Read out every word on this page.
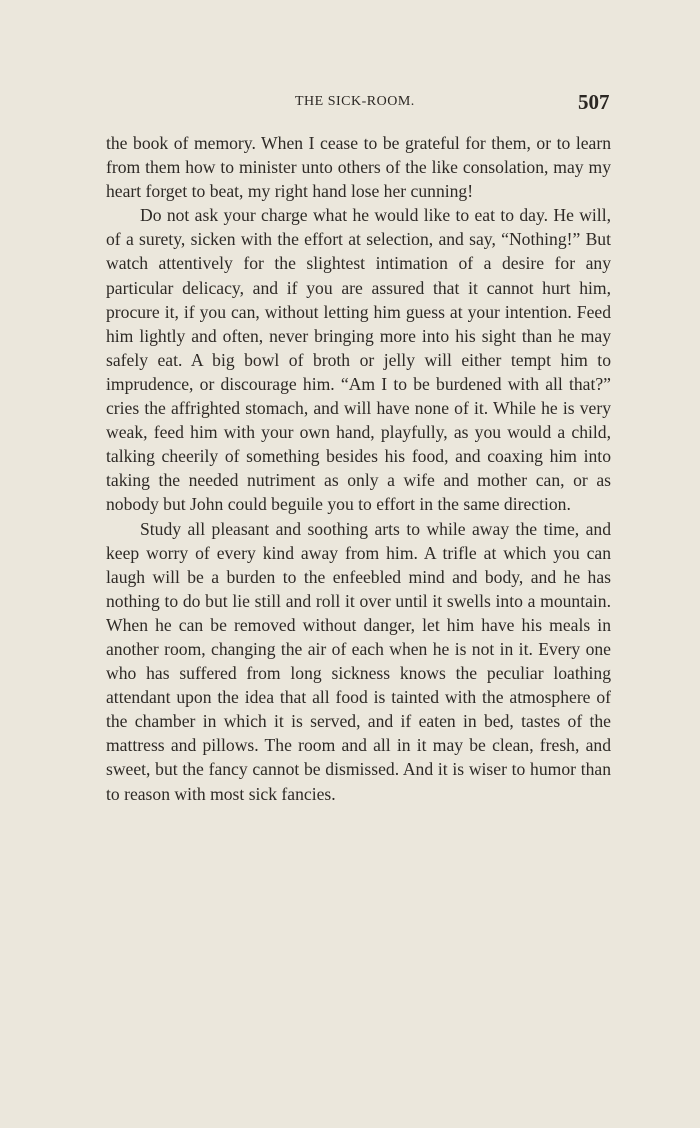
THE SICK-ROOM.	507

the book of memory. When I cease to be grateful for them, or to learn from them how to minister unto others of the like consolation, may my heart forget to beat, my right hand lose her cunning!

Do not ask your charge what he would like to eat to day. He will, of a surety, sicken with the effort at selection, and say, “Nothing!” But watch attentively for the slightest intimation of a desire for any particular delicacy, and if you are assured that it cannot hurt him, procure it, if you can, without letting him guess at your intention. Feed him lightly and often, never bringing more into his sight than he may safely eat. A big bowl of broth or jelly will either tempt him to imprudence, or discourage him. “Am I to be burdened with all that?” cries the affrighted stomach, and will have none of it. While he is very weak, feed him with your own hand, playfully, as you would a child, talking cheerily of something besides his food, and coaxing him into taking the needed nutriment as only a wife and mother can, or as nobody but John could beguile you to effort in the same direction.

Study all pleasant and soothing arts to while away the time, and keep worry of every kind away from him. A trifle at which you can laugh will be a burden to the enfeebled mind and body, and he has nothing to do but lie still and roll it over until it swells into a mountain. When he can be removed without danger, let him have his meals in another room, changing the air of each when he is not in it. Every one who has suffered from long sickness knows the peculiar loathing attendant upon the idea that all food is tainted with the atmosphere of the chamber in which it is served, and if eaten in bed, tastes of the mattress and pillows. The room and all in it may be clean, fresh, and sweet, but the fancy cannot be dismissed. And it is wiser to humor than to reason with most sick fancies.
